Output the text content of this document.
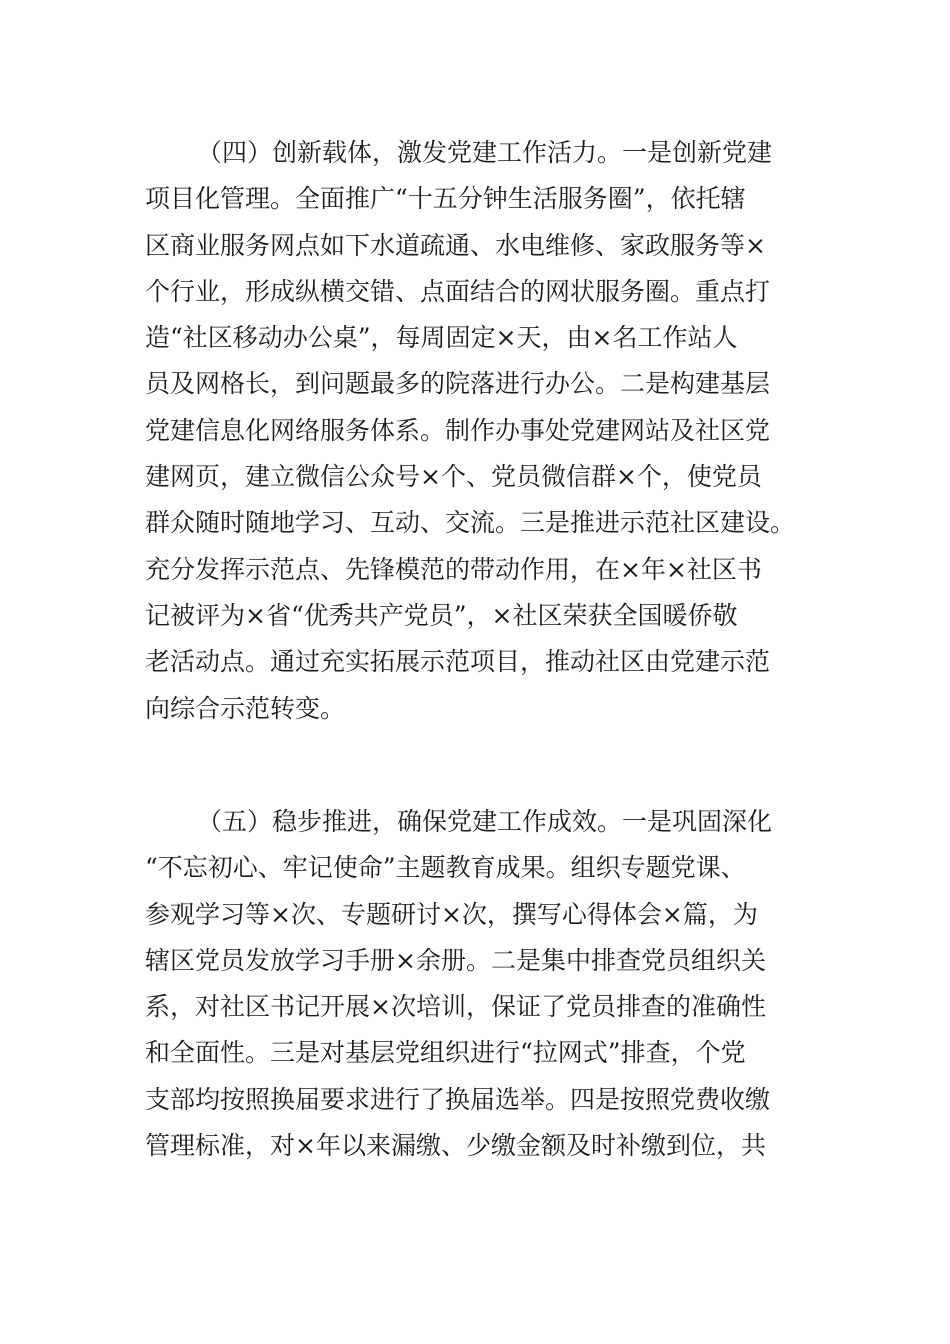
（四）创新载体，激发党建工作活力。一是创新党建
项目化管理。全面推广“十五分钟生活服务圈”，依托辖
区商业服务网点如下水道疏通、水电维修、家政服务等×
个行业，形成纵横交错、点面结合的网状服务圈。重点打
造“社区移动办公桌”，每周固定×天，由×名工作站人
员及网格长，到问题最多的院落进行办公。二是构建基层
党建信息化网络服务体系。制作办事处党建网站及社区党
建网页，建立微信公众号×个、党员微信群×个，使党员
群众随时随地学习、互动、交流。三是推进示范社区建设。
充分发挥示范点、先锋模范的带动作用，在×年×社区书
记被评为×省“优秀共产党员”，×社区荣获全国暖侨敬
老活动点。通过充实拓展示范项目，推动社区由党建示范
向综合示范转变。
（五）稳步推进，确保党建工作成效。一是巩固深化
“不忘初心、牢记使命”主题教育成果。组织专题党课、
参观学习等×次、专题研讨×次，撰写心得体会×篇，为
辖区党员发放学习手册×余册。二是集中排查党员组织关
系，对社区书记开展×次培训，保证了党员排查的准确性
和全面性。三是对基层党组织进行“拉网式”排查，个党
支部均按照换届要求进行了换届选举。四是按照党费收缴
管理标准，对×年以来漏缴、少缴金额及时补缴到位，共
